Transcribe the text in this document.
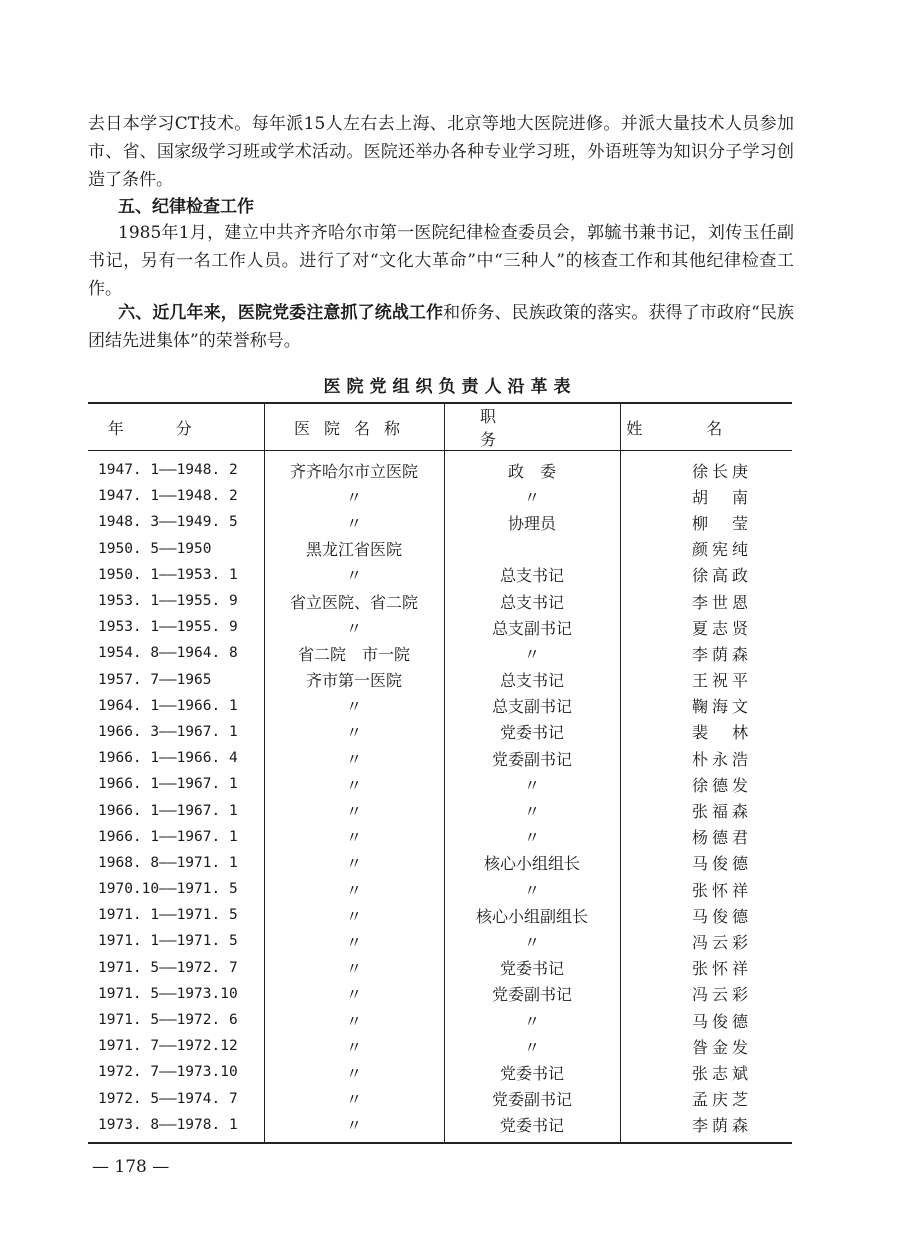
去日本学习CT技术。每年派15人左右去上海、北京等地大医院进修。并派大量技术人员参加市、省、国家级学习班或学术活动。医院还举办各种专业学习班，外语班等为知识分子学习创造了条件。

五、纪律检查工作

1985年1月，建立中共齐齐哈尔市第一医院纪律检查委员会，郭毓书兼书记，刘传玉任副书记，另有一名工作人员。进行了对“文化大革命”中“三种人”的核查工作和其他纪律检查工作。

六、近几年来，医院党委注意抓了统战工作和侨务、民族政策的落实。获得了市政府“民族团结先进集体”的荣誉称号。

医院党组织负责人沿革表
年分	医院名称	职务	姓名
1947. 1——1948. 2	齐齐哈尔市立医院	政　委	徐长庚
1947. 1——1948. 2	〃	〃	胡　南
1948. 3——1949. 5	〃	协理员	柳　莹
1950. 5——1950	黑龙江省医院		颜宪纯
1950. 1——1953. 1	〃	总支书记	徐高政
1953. 1——1955. 9	省立医院、省二院	总支书记	李世恩
1953. 1——1955. 9	〃	总支副书记	夏志贤
1954. 8——1964. 8	省二院　市一院	〃	李荫森
1957. 7——1965	齐市第一医院	总支书记	王祝平
1964. 1——1966. 1	〃	总支副书记	鞠海文
1966. 3——1967. 1	〃	党委书记	裴　林
1966. 1——1966. 4	〃	党委副书记	朴永浩
1966. 1——1967. 1	〃	〃	徐德发
1966. 1——1967. 1	〃	〃	张福森
1966. 1——1967. 1	〃	〃	杨德君
1968. 8——1971. 1	〃	核心小组组长	马俊德
1970.10——1971. 5	〃	〃	张怀祥
1971. 1——1971. 5	〃	核心小组副组长	马俊德
1971. 1——1971. 5	〃	〃	冯云彩
1971. 5——1972. 7	〃	党委书记	张怀祥
1971. 5——1973.10	〃	党委副书记	冯云彩
1971. 5——1972. 6	〃	〃	马俊德
1971. 7——1972.12	〃	〃	昝金发
1972. 7——1973.10	〃	党委书记	张志斌
1972. 5——1974. 7	〃	党委副书记	孟庆芝
1973. 8——1978. 1	〃	党委书记	李荫森
— 178 —
